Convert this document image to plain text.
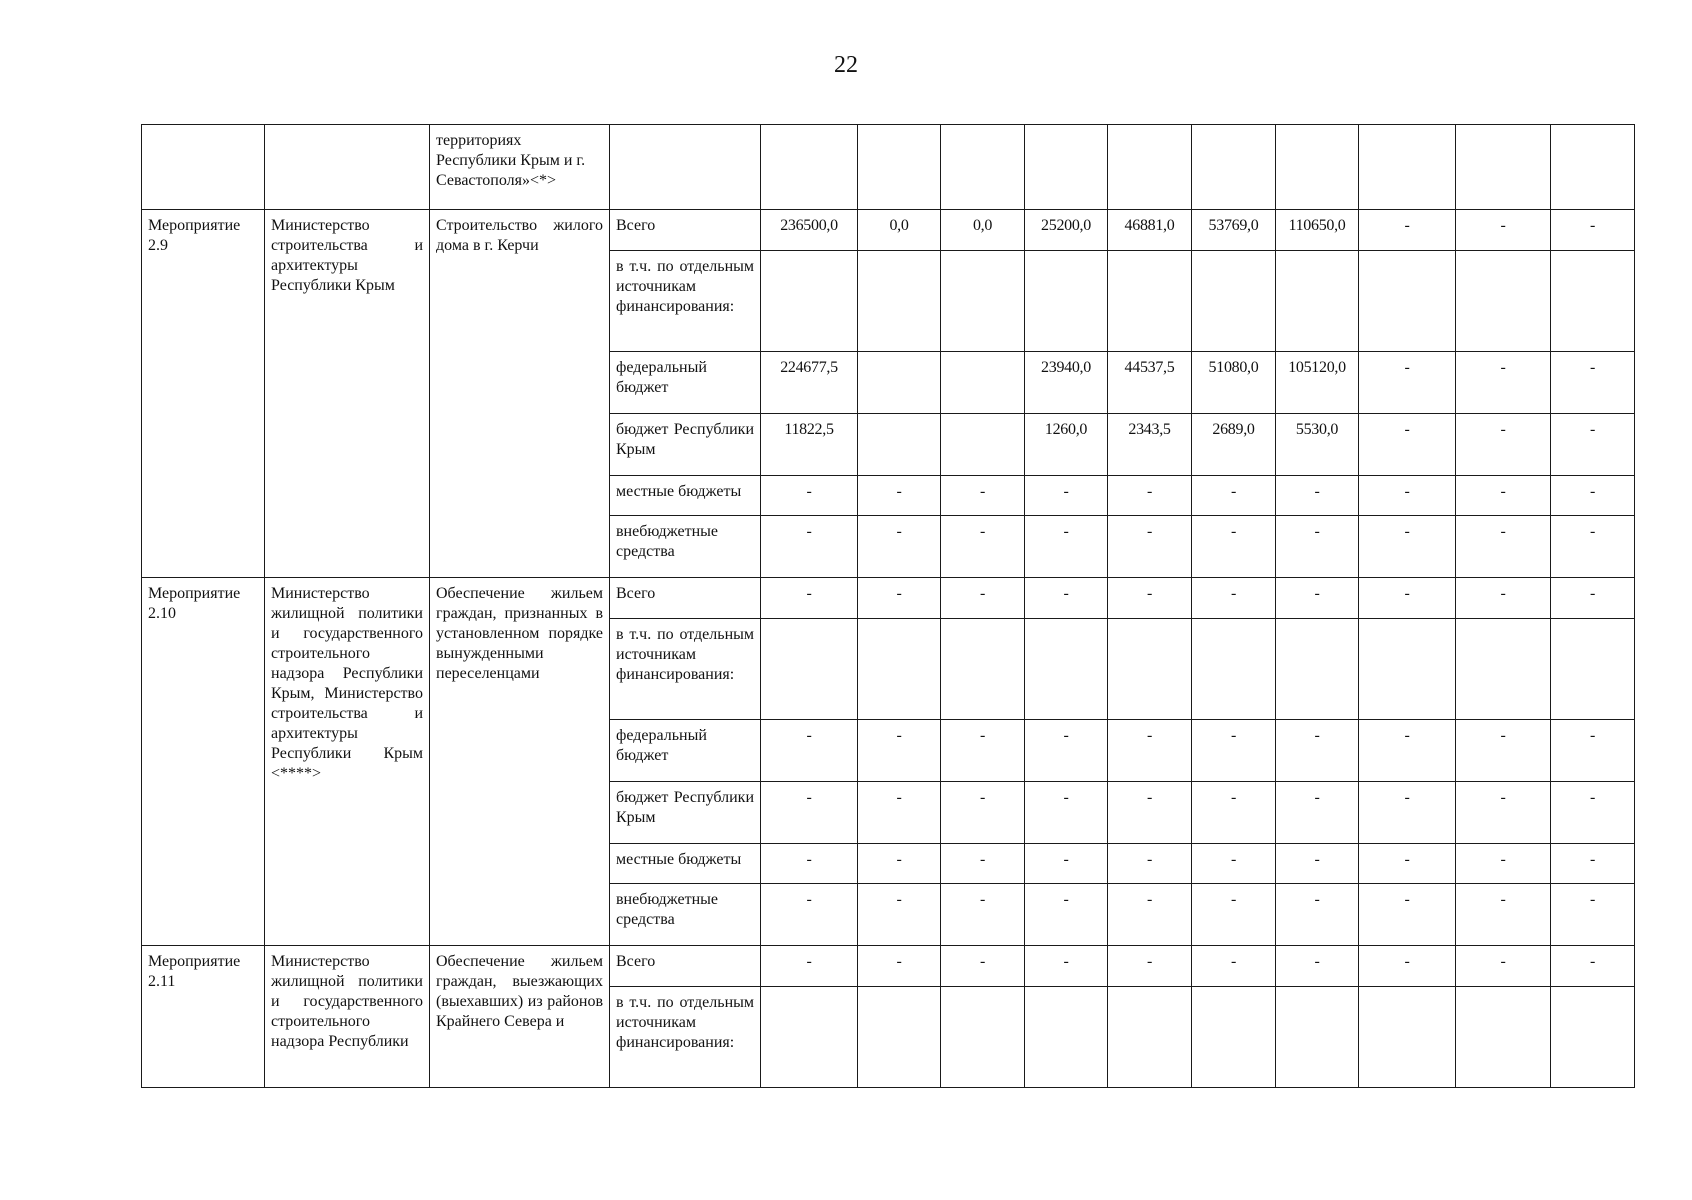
22
		территориях Республики Крым и г. Севастополя»<*>											
Мероприятие 2.9	Министерство строительства и архитектуры Республики Крым	Строительство жилого дома в г. Керчи	Всего	236500,0	0,0	0,0	25200,0	46881,0	53769,0	110650,0	-	-	-
			в т.ч. по отдельным источникам финансирования:										
			федеральный бюджет	224677,5			23940,0	44537,5	51080,0	105120,0	-	-	-
			бюджет Республики Крым	11822,5			1260,0	2343,5	2689,0	5530,0	-	-	-
			местные бюджеты	-	-	-	-	-	-	-	-	-	-
			внебюджетные средства	-	-	-	-	-	-	-	-	-	-
Мероприятие 2.10	Министерство жилищной политики и государственного строительного надзора Республики Крым, Министерство строительства и архитектуры Республики Крым <****>	Обеспечение жильем граждан, признанных в установленном порядке вынужденными переселенцами	Всего	-	-	-	-	-	-	-	-	-	-
			в т.ч. по отдельным источникам финансирования:										
			федеральный бюджет	-	-	-	-	-	-	-	-	-	-
			бюджет Республики Крым	-	-	-	-	-	-	-	-	-	-
			местные бюджеты	-	-	-	-	-	-	-	-	-	-
			внебюджетные средства	-	-	-	-	-	-	-	-	-	-
Мероприятие 2.11	Министерство жилищной политики и государственного строительного надзора Республики	Обеспечение жильем граждан, выезжающих (выехавших) из районов Крайнего Севера и	Всего	-	-	-	-	-	-	-	-	-	-
			в т.ч. по отдельным источникам финансирования:										
